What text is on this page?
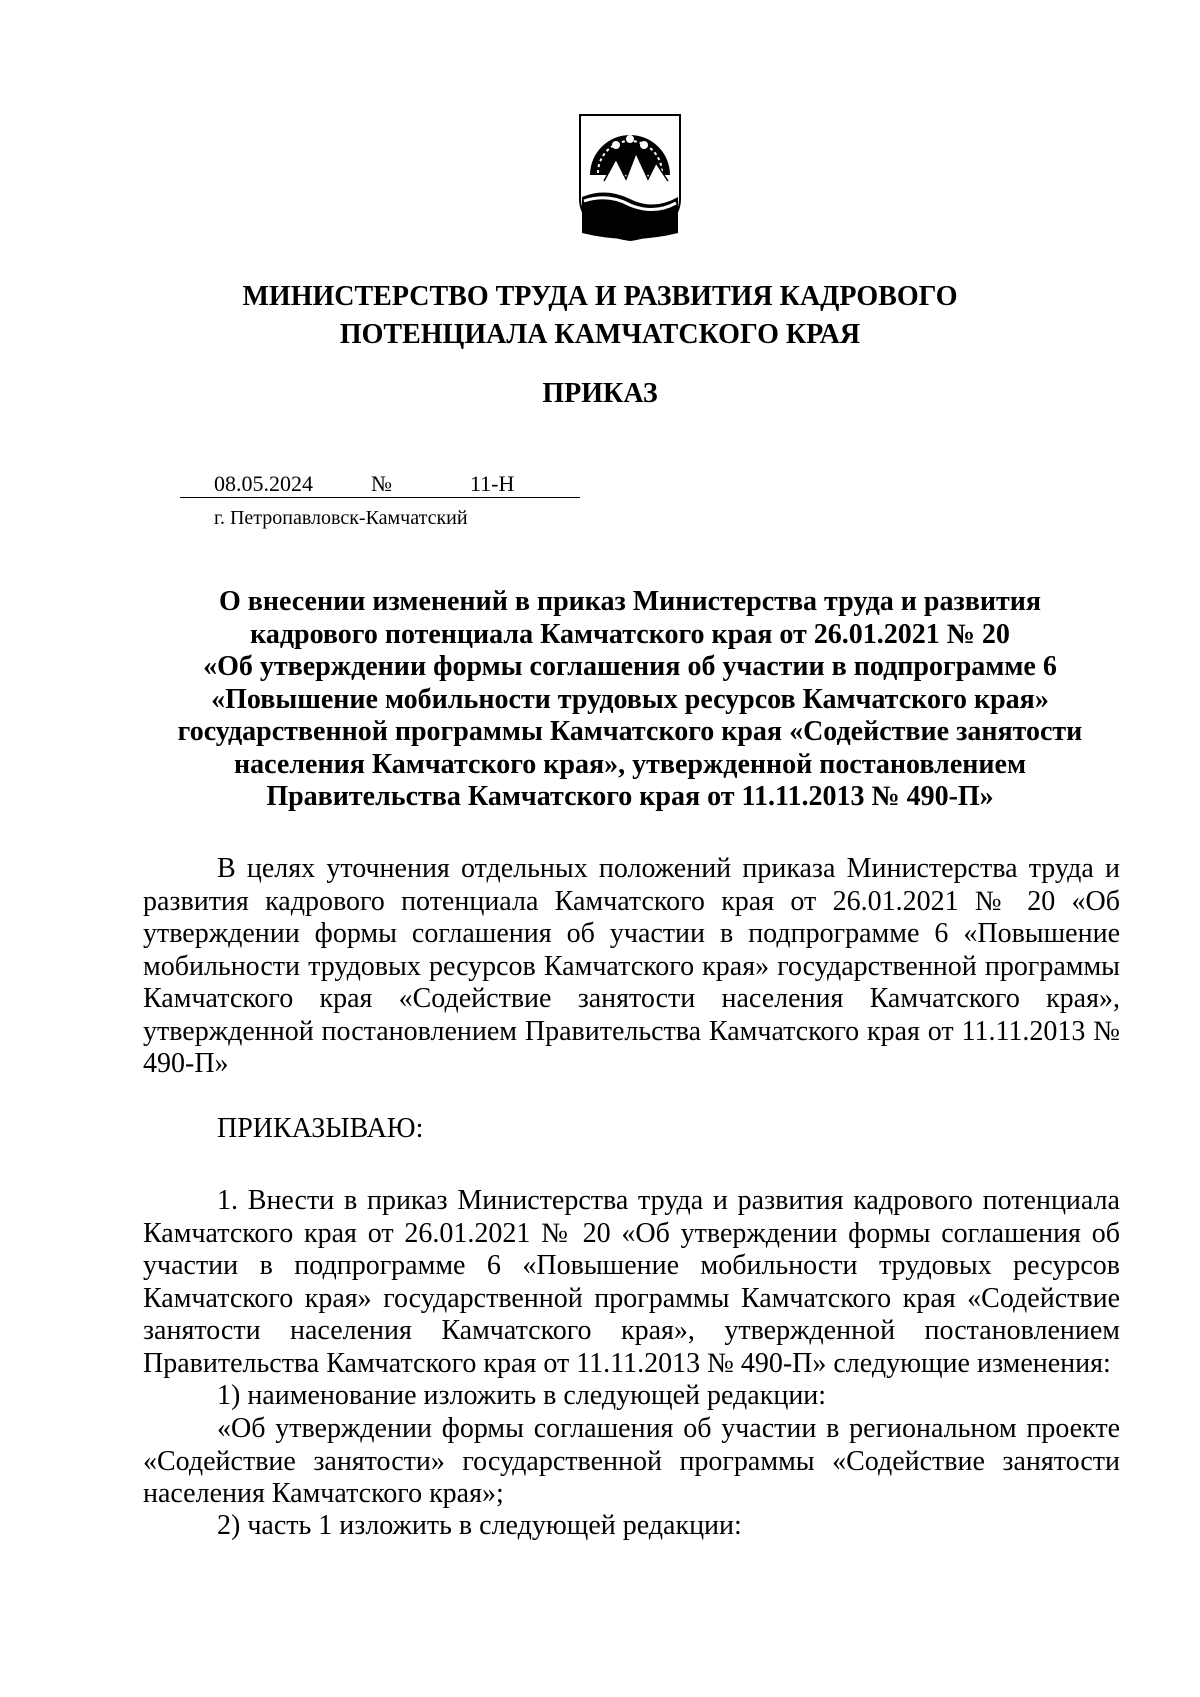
МИНИСТЕРСТВО ТРУДА И РАЗВИТИЯ КАДРОВОГО
ПОТЕНЦИАЛА КАМЧАТСКОГО КРАЯ
ПРИКАЗ
08.05.2024	№	11-Н
г. Петропавловск-Камчатский
О внесении изменений в приказ Министерства труда и развития
кадрового потенциала Камчатского края от 26.01.2021 № 20
«Об утверждении формы соглашения об участии в подпрограмме 6
«Повышение мобильности трудовых ресурсов Камчатского края»
государственной программы Камчатского края «Содействие занятости
населения Камчатского края», утвержденной постановлением
Правительства Камчатского края от 11.11.2013 № 490-П»

В целях уточнения отдельных положений приказа Министерства труда и развития кадрового потенциала Камчатского края от 26.01.2021 № 20 «Об утверждении формы соглашения об участии в подпрограмме 6 «Повышение мобильности трудовых ресурсов Камчатского края» государственной программы Камчатского края «Содействие занятости населения Камчатского края», утвержденной постановлением Правительства Камчатского края от 11.11.2013 № 490-П»

ПРИКАЗЫВАЮ:

1. Внести в приказ Министерства труда и развития кадрового потенциала Камчатского края от 26.01.2021 № 20 «Об утверждении формы соглашения об участии в подпрограмме 6 «Повышение мобильности трудовых ресурсов Камчатского края» государственной программы Камчатского края «Содействие занятости населения Камчатского края», утвержденной постановлением Правительства Камчатского края от 11.11.2013 № 490-П» следующие изменения:

1) наименование изложить в следующей редакции:

«Об утверждении формы соглашения об участии в региональном проекте «Содействие занятости» государственной программы «Содействие занятости населения Камчатского края»;

2) часть 1 изложить в следующей редакции:
